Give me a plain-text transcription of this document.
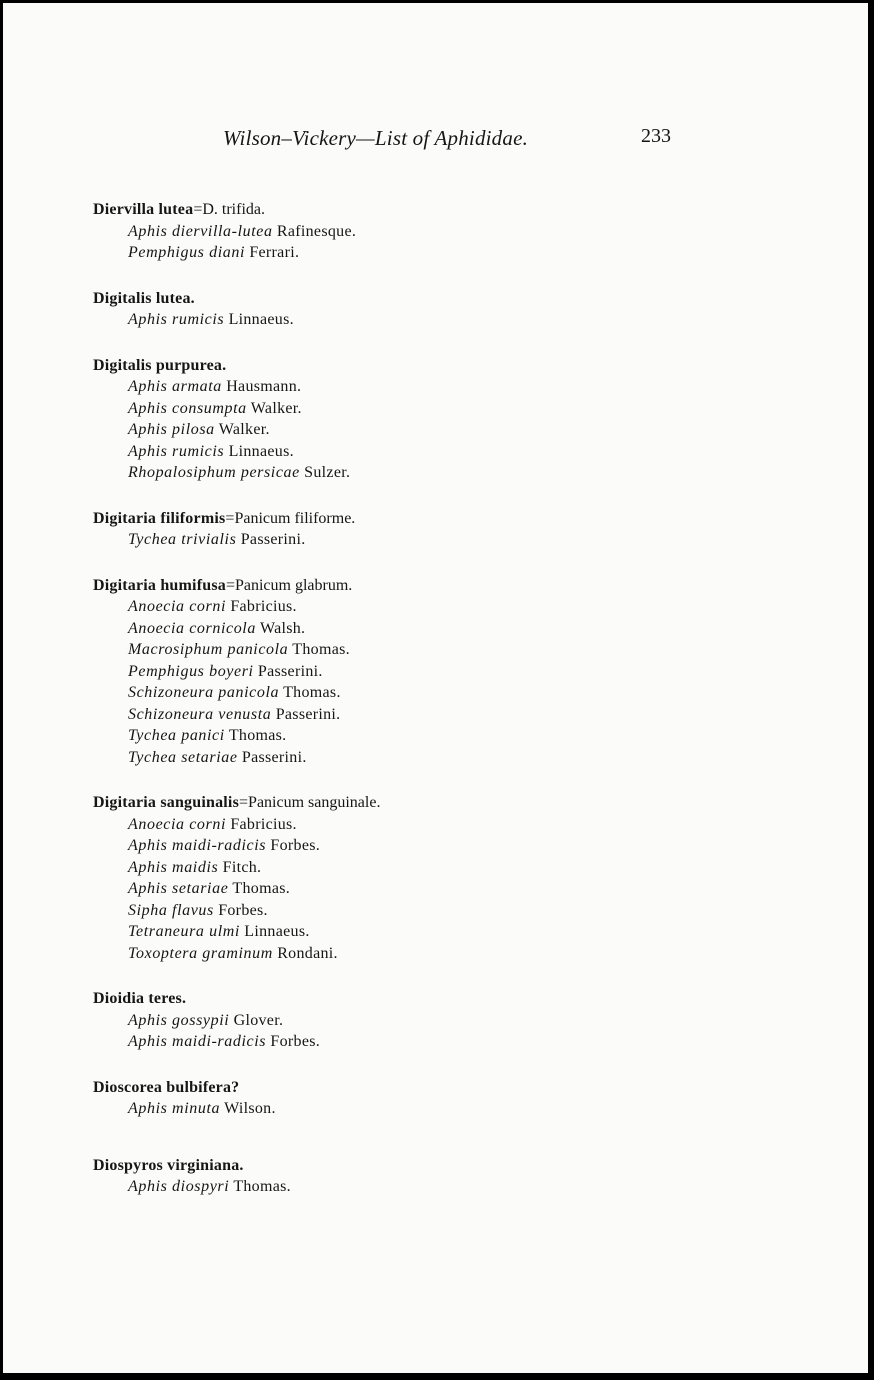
Wilson–Vickery—List of Aphididae.	233
Diervilla lutea=D. trifida.
Aphis diervilla-lutea Rafinesque.
Pemphigus diani Ferrari.
Digitalis lutea.
Aphis rumicis Linnaeus.
Digitalis purpurea.
Aphis armata Hausmann.
Aphis consumpta Walker.
Aphis pilosa Walker.
Aphis rumicis Linnaeus.
Rhopalosiphum persicae Sulzer.
Digitaria filiformis=Panicum filiforme.
Tychea trivialis Passerini.
Digitaria humifusa=Panicum glabrum.
Anoecia corni Fabricius.
Anoecia cornicola Walsh.
Macrosiphum panicola Thomas.
Pemphigus boyeri Passerini.
Schizoneura panicola Thomas.
Schizoneura venusta Passerini.
Tychea panici Thomas.
Tychea setariae Passerini.
Digitaria sanguinalis=Panicum sanguinale.
Anoecia corni Fabricius.
Aphis maidi-radicis Forbes.
Aphis maidis Fitch.
Aphis setariae Thomas.
Sipha flavus Forbes.
Tetraneura ulmi Linnaeus.
Toxoptera graminum Rondani.
Dioidia teres.
Aphis gossypii Glover.
Aphis maidi-radicis Forbes.
Dioscorea bulbifera?
Aphis minuta Wilson.
Diospyros virginiana.
Aphis diospyri Thomas.
